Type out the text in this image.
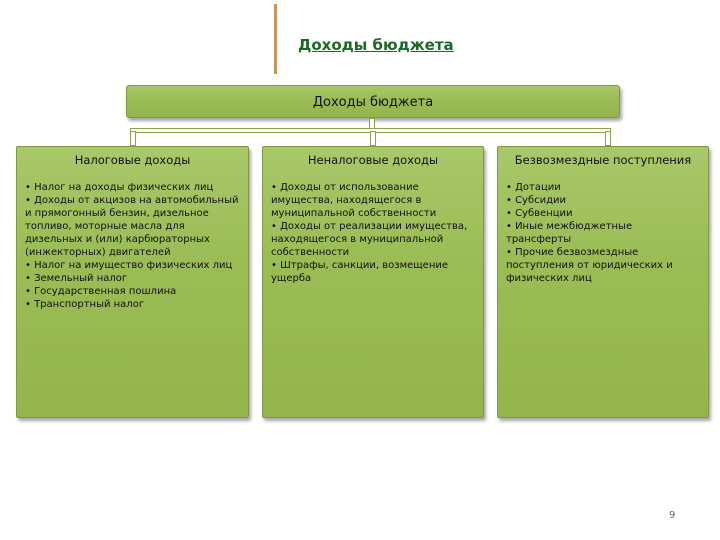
Доходы бюджета
Доходы бюджета
Налоговые доходы
• Налог на доходы физических лиц
• Доходы от акцизов на автомобильный и прямогонный бензин, дизельное топливо, моторные масла для дизельных и (или) карбюраторных (инжекторных) двигателей
• Налог на имущество физических лиц
• Земельный налог
• Государственная пошлина
• Транспортный налог
Неналоговые доходы
• Доходы от использование имущества, находящегося в муниципальной собственности
• Доходы от реализации имущества, находящегося в муниципальной собственности
• Штрафы, санкции, возмещение ущерба
Безвозмездные поступления
• Дотации
• Субсидии
• Субвенции
• Иные межбюджетные трансферты
• Прочие безвозмездные поступления от юридических и физических лиц
9
